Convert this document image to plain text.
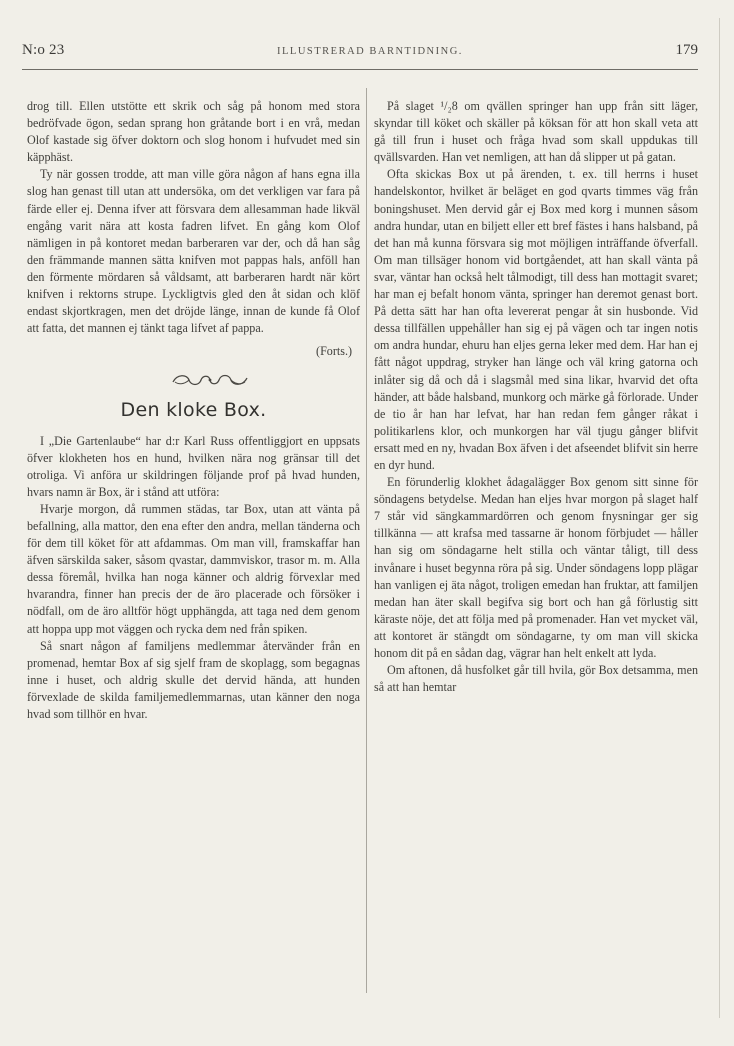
N:o 23	ILLUSTRERAD BARNTIDNING.	179

drog till. Ellen utstötte ett skrik och såg på honom med stora bedröfvade ögon, sedan sprang hon gråtande bort i en vrå, medan Olof kastade sig öfver doktorn och slog honom i hufvudet med sin käpphäst.

Ty när gossen trodde, att man ville göra någon af hans egna illa slog han genast till utan att undersöka, om det verkligen var fara på färde eller ej. Denna ifver att försvara dem allesamman hade likväl engång varit nära att kosta fadren lifvet. En gång kom Olof nämligen in på kontoret medan barberaren var der, och då han såg den främmande mannen sätta knifven mot pappas hals, anföll han den förmente mördaren så våldsamt, att barberaren hardt när kört knifven i rektorns strupe. Lyckligtvis gled den åt sidan och klöf endast skjortkragen, men det dröjde länge, innan de kunde få Olof att fatta, det mannen ej tänkt taga lifvet af pappa.

(Forts.)
Den kloke Box.

I „Die Gartenlaube“ har d:r Karl Russ offentliggjort en uppsats öfver klokheten hos en hund, hvilken nära nog gränsar till det otroliga. Vi anföra ur skildringen följande prof på hvad hunden, hvars namn är Box, är i stånd att utföra:

Hvarje morgon, då rummen städas, tar Box, utan att vänta på befallning, alla mattor, den ena efter den andra, mellan tänderna och för dem till köket för att afdammas. Om man vill, framskaffar han äfven särskilda saker, såsom qvastar, dammviskor, trasor m. m. Alla dessa föremål, hvilka han noga känner och aldrig förvexlar med hvarandra, finner han precis der de äro placerade och försöker i nödfall, om de äro alltför högt upphängda, att taga ned dem genom att hoppa upp mot väggen och rycka dem ned från spiken.

Så snart någon af familjens medlemmar återvänder från en promenad, hemtar Box af sig sjelf fram de skoplagg, som begagnas inne i huset, och aldrig skulle det dervid hända, att hunden förvexlade de skilda familjemedlemmarnas, utan känner den noga hvad som tillhör en hvar.

På slaget ¹/₂8 om qvällen springer han upp från sitt läger, skyndar till köket och skäller på köksan för att hon skall veta att gå till frun i huset och fråga hvad som skall uppdukas till qvällsvarden. Han vet nemligen, att han då slipper ut på gatan.

Ofta skickas Box ut på ärenden, t. ex. till herrns i huset handelskontor, hvilket är beläget en god qvarts timmes väg från boningshuset. Men dervid går ej Box med korg i munnen såsom andra hundar, utan en biljett eller ett bref fästes i hans halsband, på det han må kunna försvara sig mot möjligen inträffande öfverfall. Om man tillsäger honom vid bortgåendet, att han skall vänta på svar, väntar han också helt tålmodigt, till dess han mottagit svaret; har man ej befalt honom vänta, springer han deremot genast bort. På detta sätt har han ofta levererat pengar åt sin husbonde. Vid dessa tillfällen uppehåller han sig ej på vägen och tar ingen notis om andra hundar, ehuru han eljes gerna leker med dem. Har han ej fått något uppdrag, stryker han länge och väl kring gatorna och inlåter sig då och då i slagsmål med sina likar, hvarvid det ofta händer, att både halsband, munkorg och märke gå förlorade. Under de tio år han har lefvat, har han redan fem gånger råkat i politikarlens klor, och munkorgen har väl tjugu gånger blifvit ersatt med en ny, hvadan Box äfven i det afseendet blifvit sin herre en dyr hund.

En förunderlig klokhet ådagalägger Box genom sitt sinne för söndagens betydelse. Medan han eljes hvar morgon på slaget half 7 står vid sängkammardörren och genom fnysningar ger sig tillkänna — att krafsa med tassarne är honom förbjudet — håller han sig om söndagarne helt stilla och väntar tåligt, till dess invånare i huset begynna röra på sig. Under söndagens lopp plägar han vanligen ej äta något, troligen emedan han fruktar, att familjen medan han äter skall begifva sig bort och han gå förlustig sitt käraste nöje, det att följa med på promenader. Han vet mycket väl, att kontoret är stängdt om söndagarne, ty om man vill skicka honom dit på en sådan dag, vägrar han helt enkelt att lyda.

Om aftonen, då husfolket går till hvila, gör Box detsamma, men så att han hemtar
